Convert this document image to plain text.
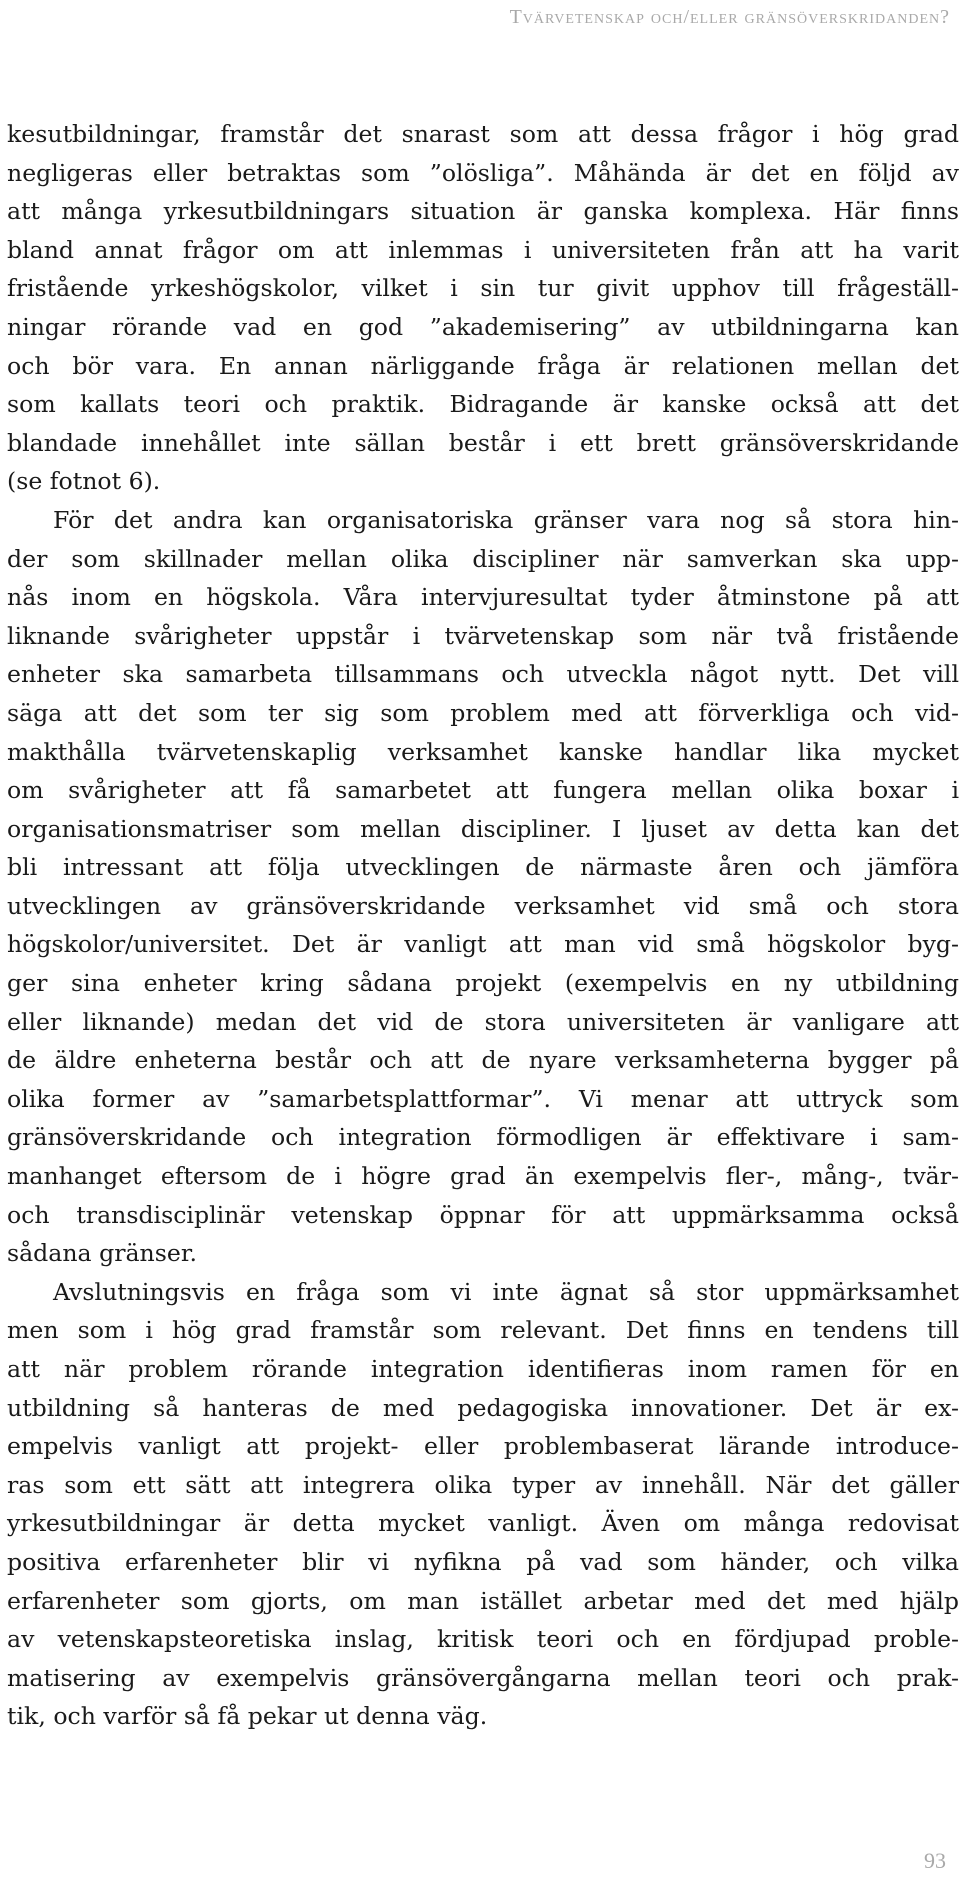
Tvärvetenskap och/eller gränsöverskridanden?
kesutbildningar, framstår det snarast som att dessa frågor i hög grad
negligeras eller betraktas som ”olösliga”. Måhända är det en följd av
att många yrkesutbildningars situation är ganska komplexa. Här finns
bland annat frågor om att inlemmas i universiteten från att ha varit
fristående yrkeshögskolor, vilket i sin tur givit upphov till frågeställ-
ningar rörande vad en god ”akademisering” av utbildningarna kan
och bör vara. En annan närliggande fråga är relationen mellan det
som kallats teori och praktik. Bidragande är kanske också att det
blandade innehållet inte sällan består i ett brett gränsöverskridande
(se fotnot 6).
För det andra kan organisatoriska gränser vara nog så stora hin-
der som skillnader mellan olika discipliner när samverkan ska upp-
nås inom en högskola. Våra intervjuresultat tyder åtminstone på att
liknande svårigheter uppstår i tvärvetenskap som när två fristående
enheter ska samarbeta tillsammans och utveckla något nytt. Det vill
säga att det som ter sig som problem med att förverkliga och vid-
makthålla tvärvetenskaplig verksamhet kanske handlar lika mycket
om svårigheter att få samarbetet att fungera mellan olika boxar i
organisationsmatriser som mellan discipliner. I ljuset av detta kan det
bli intressant att följa utvecklingen de närmaste åren och jämföra
utvecklingen av gränsöverskridande verksamhet vid små och stora
högskolor/universitet. Det är vanligt att man vid små högskolor byg-
ger sina enheter kring sådana projekt (exempelvis en ny utbildning
eller liknande) medan det vid de stora universiteten är vanligare att
de äldre enheterna består och att de nyare verksamheterna bygger på
olika former av ”samarbetsplattformar”. Vi menar att uttryck som
gränsöverskridande och integration förmodligen är effektivare i sam-
manhanget eftersom de i högre grad än exempelvis fler-, mång-, tvär-
och transdisciplinär vetenskap öppnar för att uppmärksamma också
sådana gränser.
Avslutningsvis en fråga som vi inte ägnat så stor uppmärksamhet
men som i hög grad framstår som relevant. Det finns en tendens till
att när problem rörande integration identifieras inom ramen för en
utbildning så hanteras de med pedagogiska innovationer. Det är ex-
empelvis vanligt att projekt- eller problembaserat lärande introduce-
ras som ett sätt att integrera olika typer av innehåll. När det gäller
yrkesutbildningar är detta mycket vanligt. Även om många redovisat
positiva erfarenheter blir vi nyfikna på vad som händer, och vilka
erfarenheter som gjorts, om man istället arbetar med det med hjälp
av vetenskapsteoretiska inslag, kritisk teori och en fördjupad proble-
matisering av exempelvis gränsövergångarna mellan teori och prak-
tik, och varför så få pekar ut denna väg.
93
